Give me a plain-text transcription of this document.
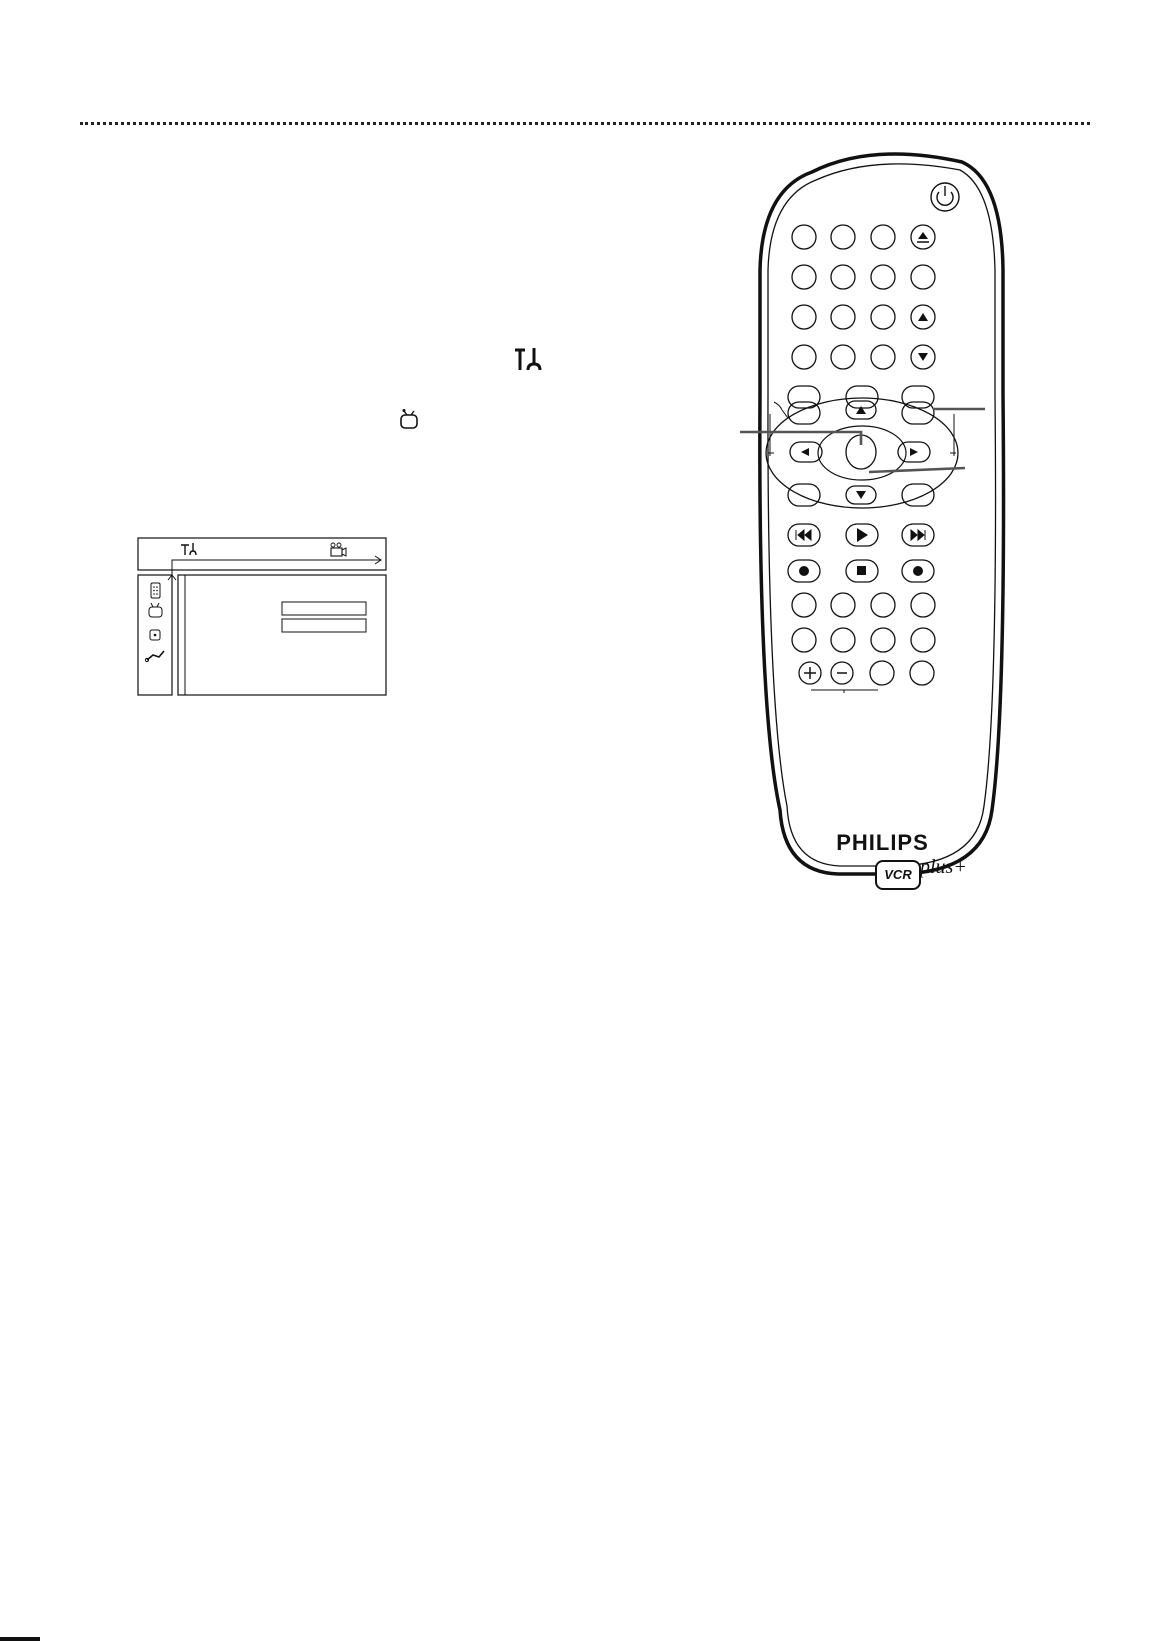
PHILIPS
VCR plus+
